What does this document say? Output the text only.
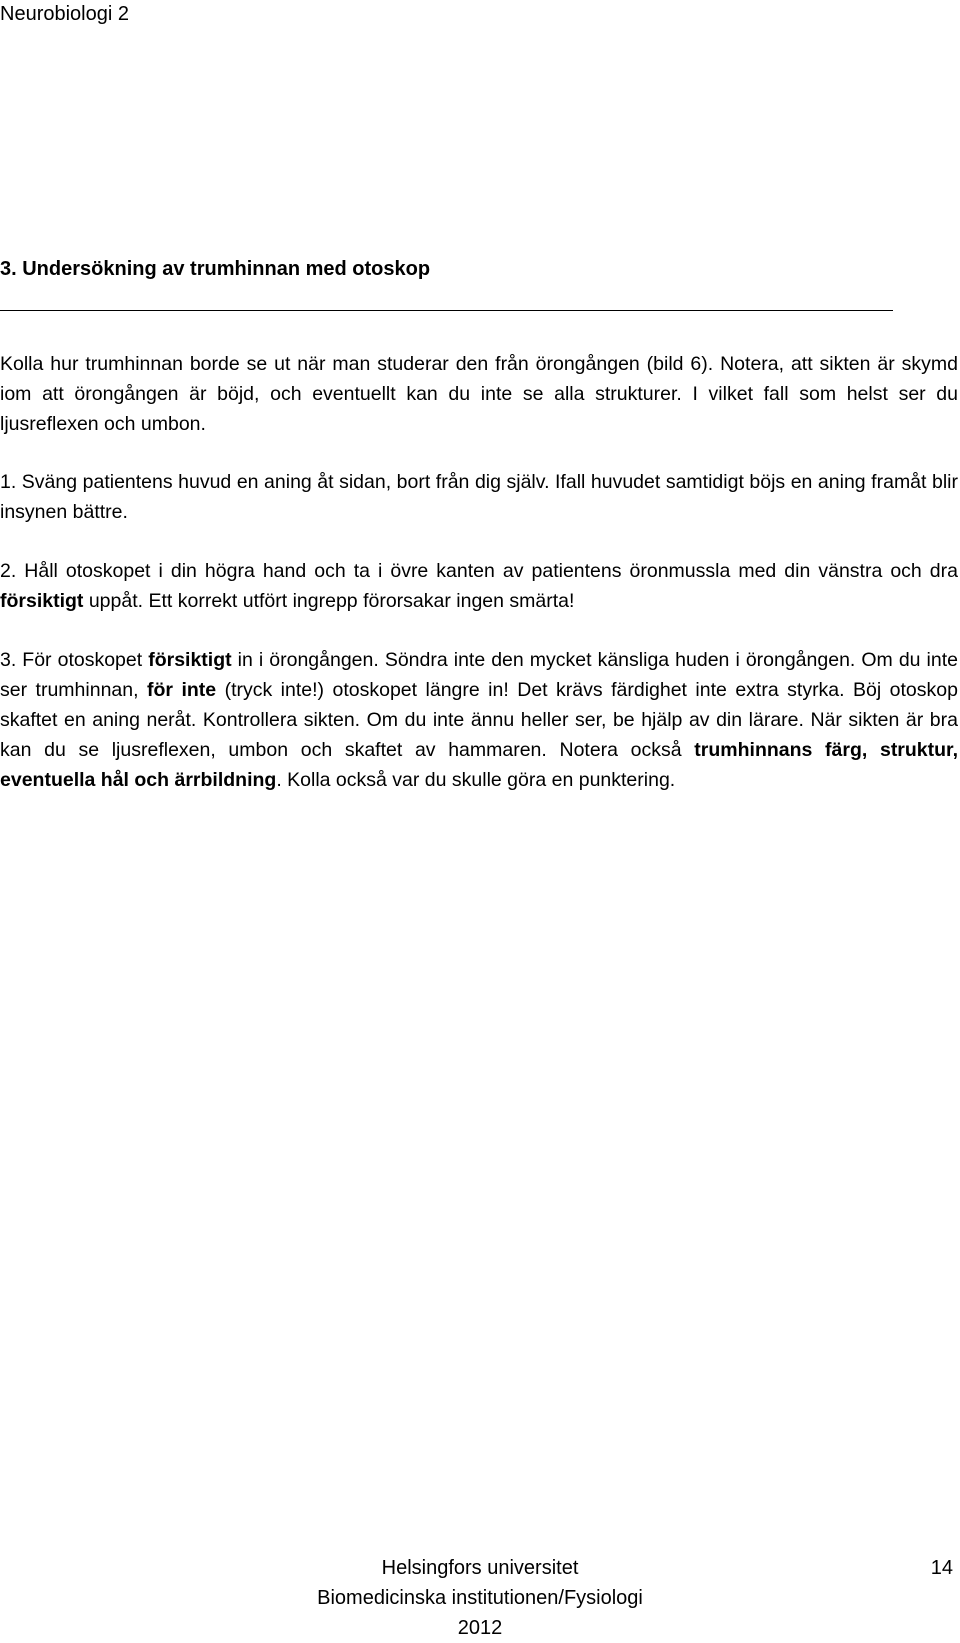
Neurobiologi 2
3. Undersökning av trumhinnan med otoskop

Kolla hur trumhinnan borde se ut när man studerar den från örongången (bild 6). Notera, att sikten är skymd iom att örongången är böjd, och eventuellt kan du inte se alla strukturer. I vilket fall som helst ser du ljusreflexen och umbon.

1. Sväng patientens huvud en aning åt sidan, bort från dig själv. Ifall huvudet samtidigt böjs en aning framåt blir insynen bättre.

2. Håll otoskopet i din högra hand och ta i övre kanten av patientens öronmussla med din vänstra och dra försiktigt uppåt. Ett korrekt utfört ingrepp förorsakar ingen smärta!

3. För otoskopet försiktigt in i örongången. Söndra inte den mycket känsliga huden i örongången. Om du inte ser trumhinnan, för inte (tryck inte!) otoskopet längre in! Det krävs färdighet inte extra styrka. Böj otoskop skaftet en aning neråt. Kontrollera sikten. Om du inte ännu heller ser, be hjälp av din lärare. När sikten är bra kan du se ljusreflexen, umbon och skaftet av hammaren. Notera också trumhinnans färg, struktur, eventuella hål och ärrbildning. Kolla också var du skulle göra en punktering.

Helsingfors universitet
Biomedicinska institutionen/Fysiologi
2012
14
